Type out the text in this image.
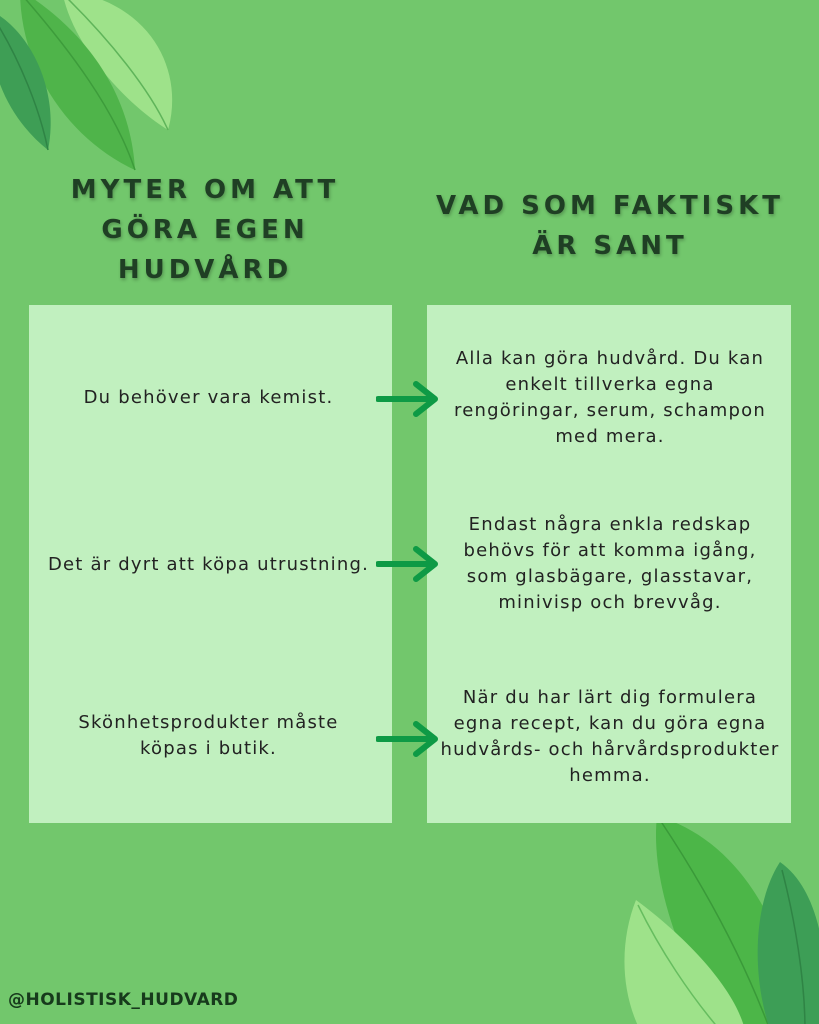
MYTER OM ATT
GÖRA EGEN
HUDVÅRD
VAD SOM FAKTISKT
ÄR SANT
Du behöver vara kemist.
Det är dyrt att köpa utrustning.
Skönhetsprodukter måste köpas i butik.
Alla kan göra hudvård. Du kan enkelt tillverka egna rengöringar, serum, schampon med mera.
Endast några enkla redskap behövs för att komma igång, som glasbägare, glasstavar, minivisp och brevvåg.
När du har lärt dig formulera egna recept, kan du göra egna hudvårds- och hårvårdsprodukter hemma.
@HOLISTISK_HUDVARD
